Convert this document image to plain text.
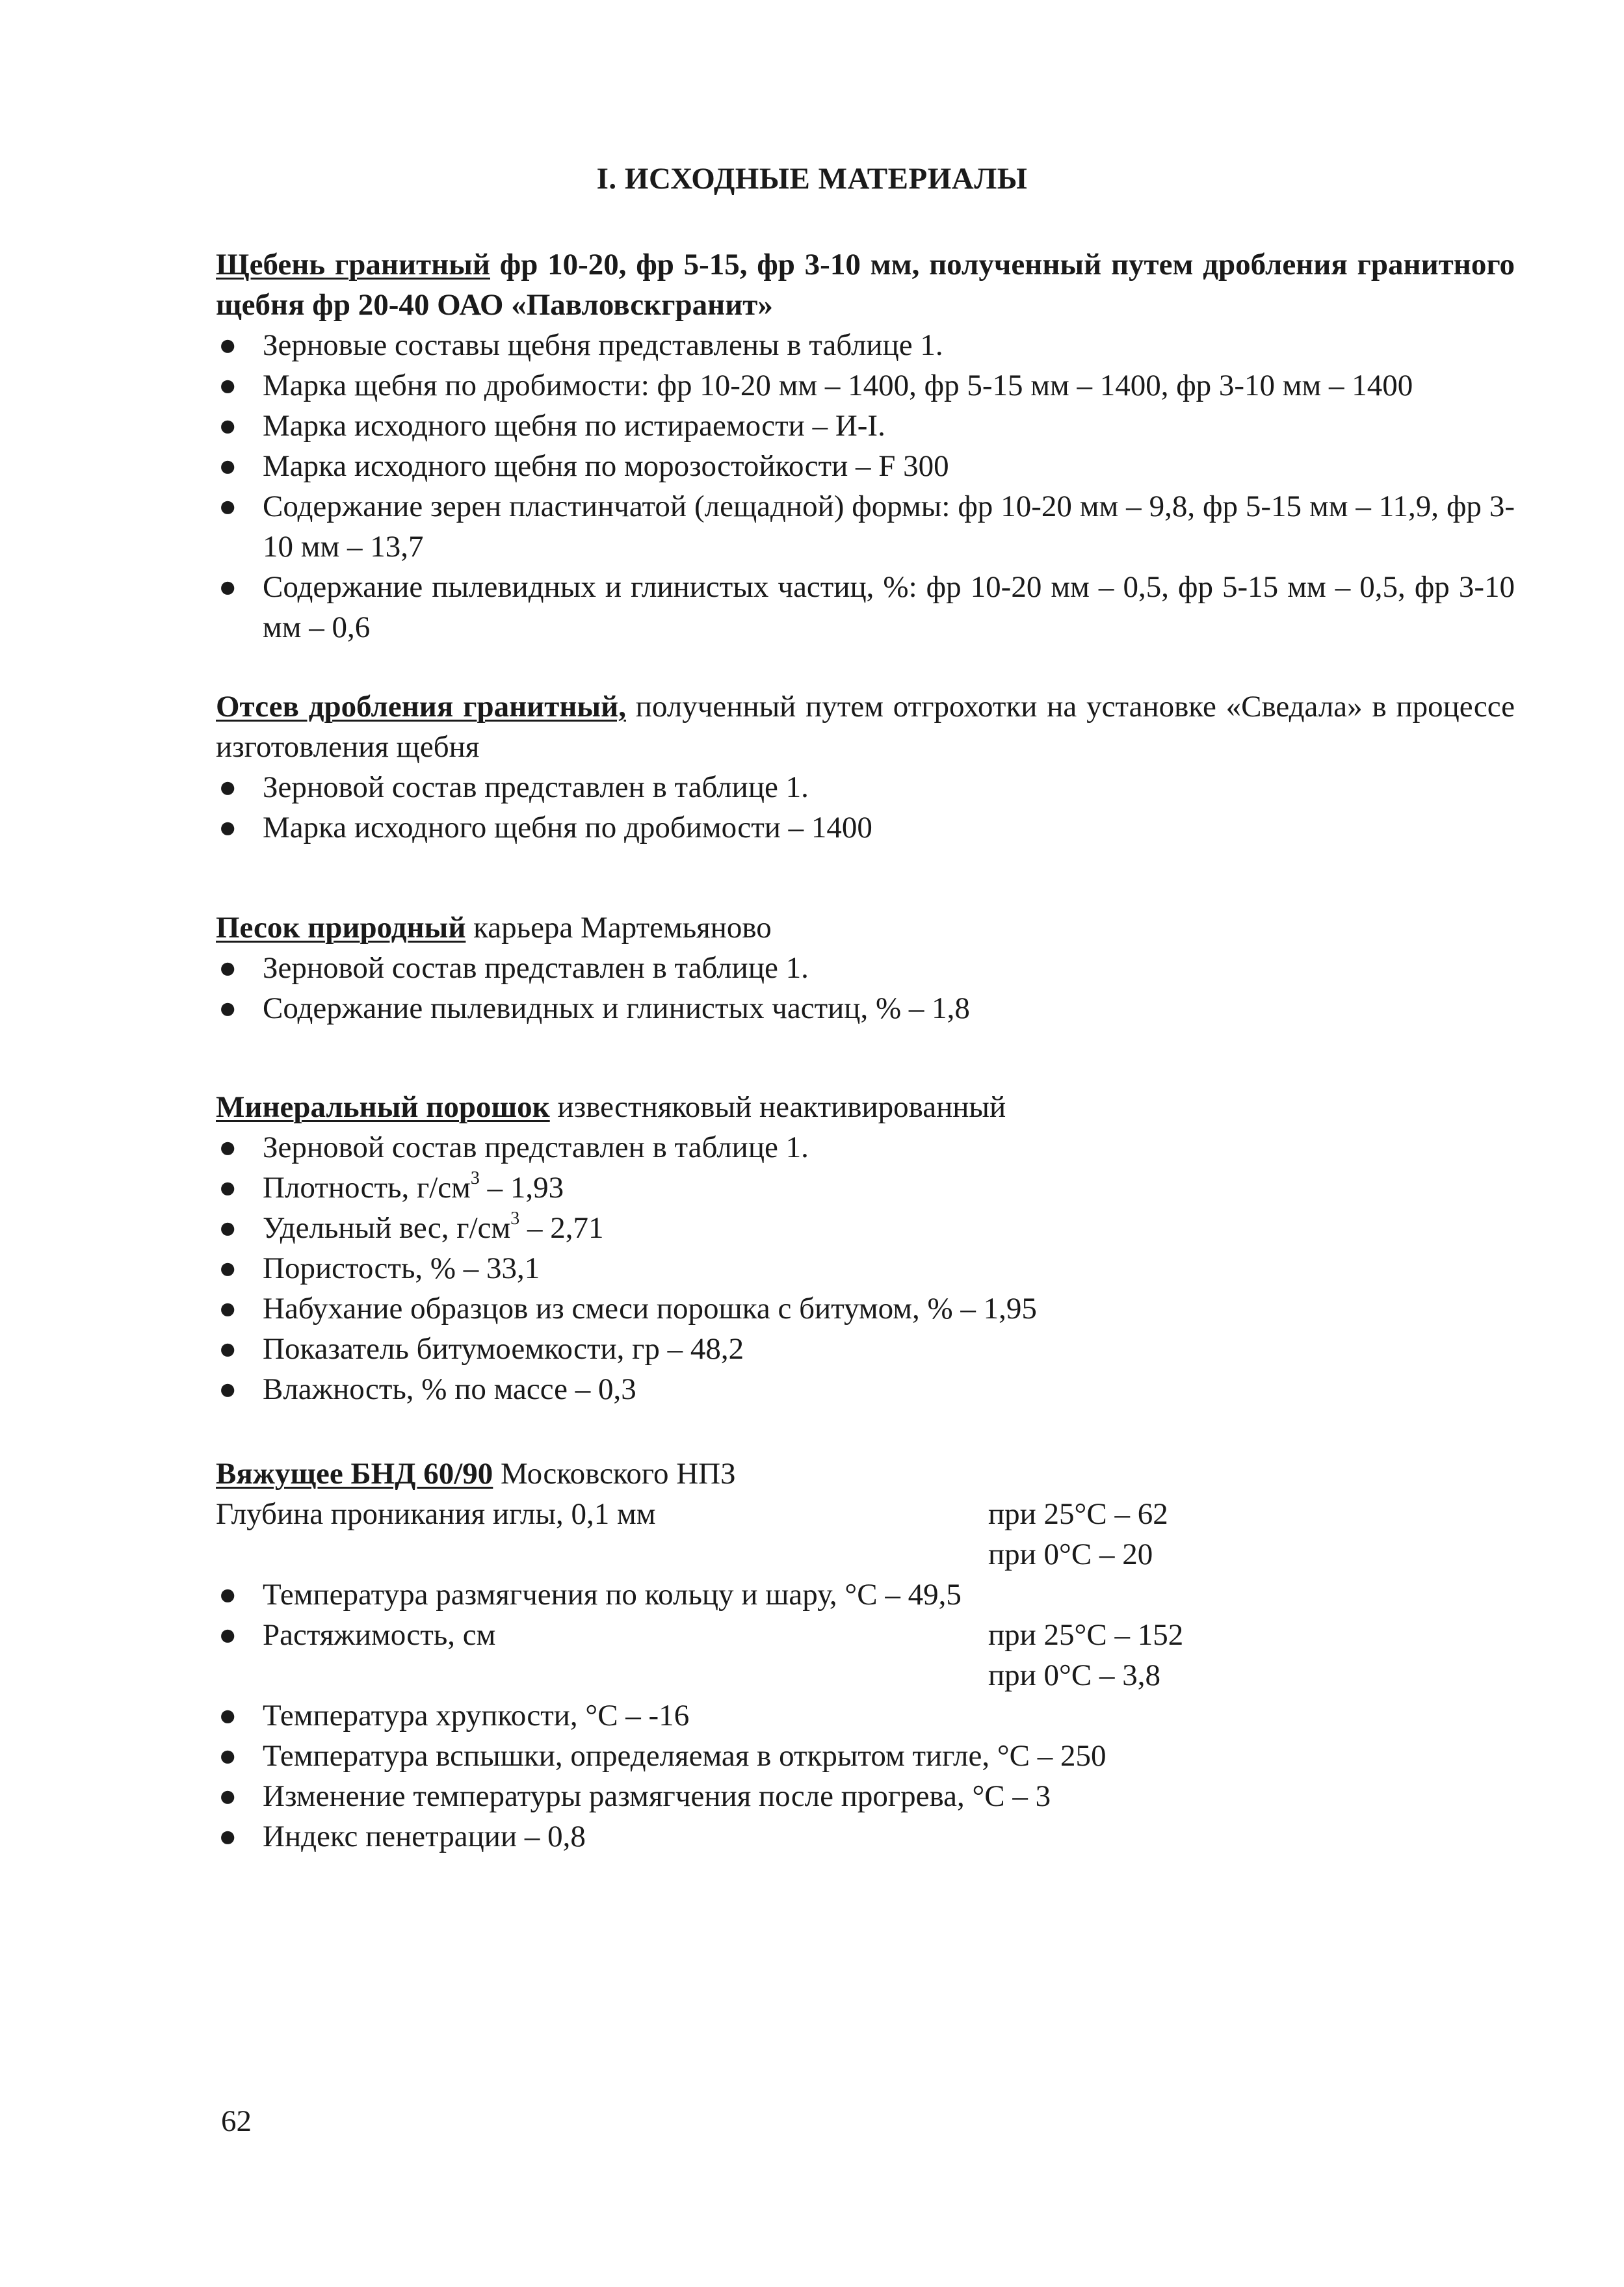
I. ИСХОДНЫЕ МАТЕРИАЛЫ
Щебень гранитный фр 10-20, фр 5-15, фр 3-10 мм, полученный путем дробления гранитного щебня фр 20-40 ОАО «Павловскгранит»
● Зерновые составы щебня представлены в таблице 1.
● Марка щебня по дробимости: фр 10-20 мм – 1400, фр 5-15 мм – 1400, фр 3-10 мм – 1400
● Марка исходного щебня по истираемости – И-I.
● Марка исходного щебня по морозостойкости – F 300
● Содержание зерен пластинчатой (лещадной) формы: фр 10-20 мм – 9,8, фр 5-15 мм – 11,9, фр 3-10 мм – 13,7
● Содержание пылевидных и глинистых частиц, %: фр 10-20 мм – 0,5, фр 5-15 мм – 0,5, фр 3-10 мм – 0,6
Отсев дробления гранитный, полученный путем отгрохотки на установке «Сведала» в процессе изготовления щебня
● Зерновой состав представлен в таблице 1.
● Марка исходного щебня по дробимости – 1400
Песок природный карьера Мартемьяново
● Зерновой состав представлен в таблице 1.
● Содержание пылевидных и глинистых частиц, % – 1,8
Минеральный порошок известняковый неактивированный
● Зерновой состав представлен в таблице 1.
● Плотность, $г/см^3 - 1,93$
● Удельный вес, $г/см^3 - 2,71$
● Пористость, % – 33,1
● Набухание образцов из смеси порошка с битумом, % – 1,95
● Показатель битумоемкости, гр – 48,2
● Влажность, % по массе – 0,3
Вяжущее БНД 60/90 Московского НПЗ
Глубина проникания иглы, 0,1 мм	при 25°С – 62
при 0°С – 20
● Температура размягчения по кольцу и шару, °С – 49,5
● Растяжимость, см	при 25°С – 152
при 0°С – 3,8
● Температура хрупкости, °С – -16
● Температура вспышки, определяемая в открытом тигле, °С – 250
● Изменение температуры размягчения после прогрева, °С – 3
● Индекс пенетрации – 0,8
62
